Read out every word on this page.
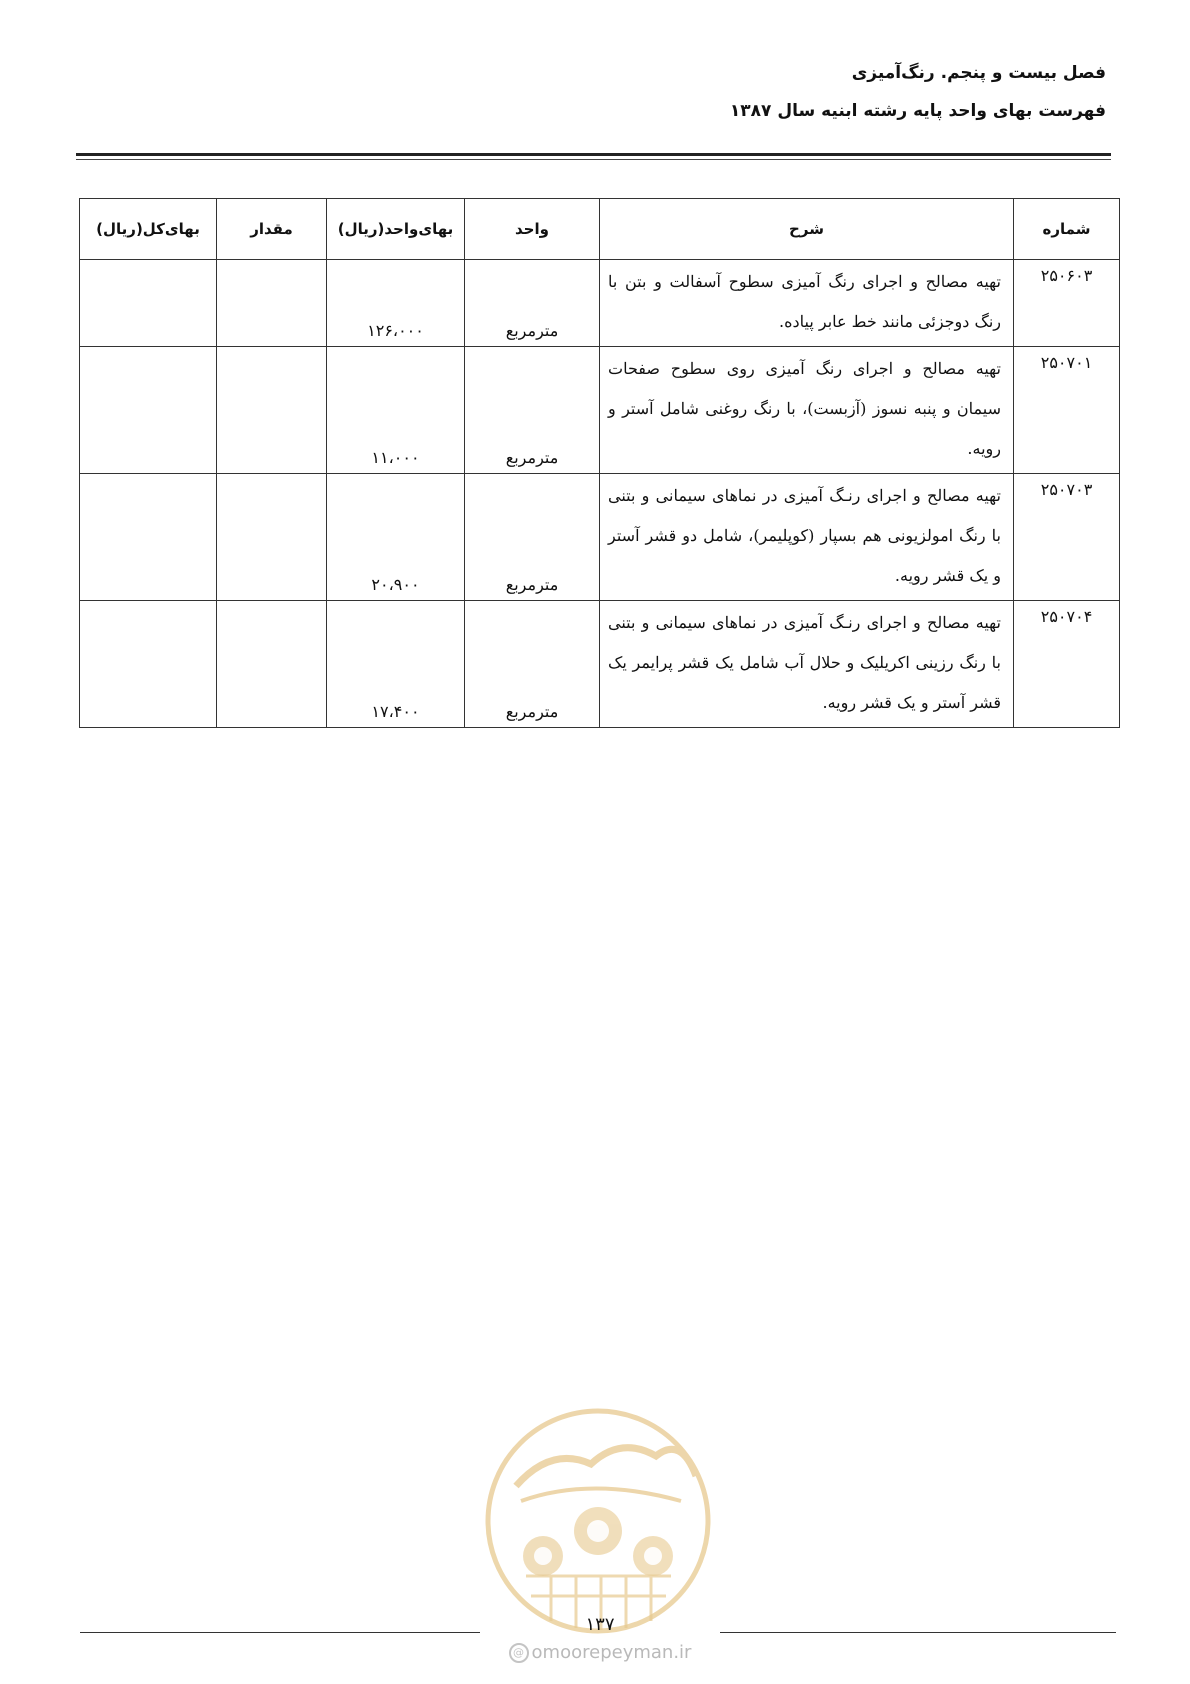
فصل بیست و پنجم. رنگ‌آمیزی
فهرست بهای واحد پایه رشته ابنیه سال ۱۳۸۷
شماره	شرح	واحد	بهای‌واحد(ریال)	مقدار	بهای‌کل(ریال)
۲۵۰۶۰۳	تهیه مصالح و اجرای رنگ آمیزی سطوح آسفالت و بتن با رنگ دوجزئی مانند خط عابر پیاده.	مترمربع	۱۲۶،۰۰۰		
۲۵۰۷۰۱	تهیه مصالح و اجرای رنگ آمیزی روی سطوح صفحات سیمان و پنبه نسوز (آزبست)، با رنگ روغنی شامل آستر و رویه.	مترمربع	۱۱،۰۰۰		
۲۵۰۷۰۳	تهیه مصالح و اجرای رنـگ آمیزی در نماهای سیمانی و بتنی با رنگ امولزیونی هم بسپار (کوپلیمر)، شامل دو قشر آستر و یک قشر رویه.	مترمربع	۲۰،۹۰۰		
۲۵۰۷۰۴	تهیه مصالح و اجرای رنـگ آمیزی در نماهای سیمانی و بتنی با رنگ رزینی اکریلیک و حلال آب شامل یک قشر پرایمر یک قشر آستر و یک قشر رویه.	مترمربع	۱۷،۴۰۰		
۱۳۷
@ omoorepeyman.ir
